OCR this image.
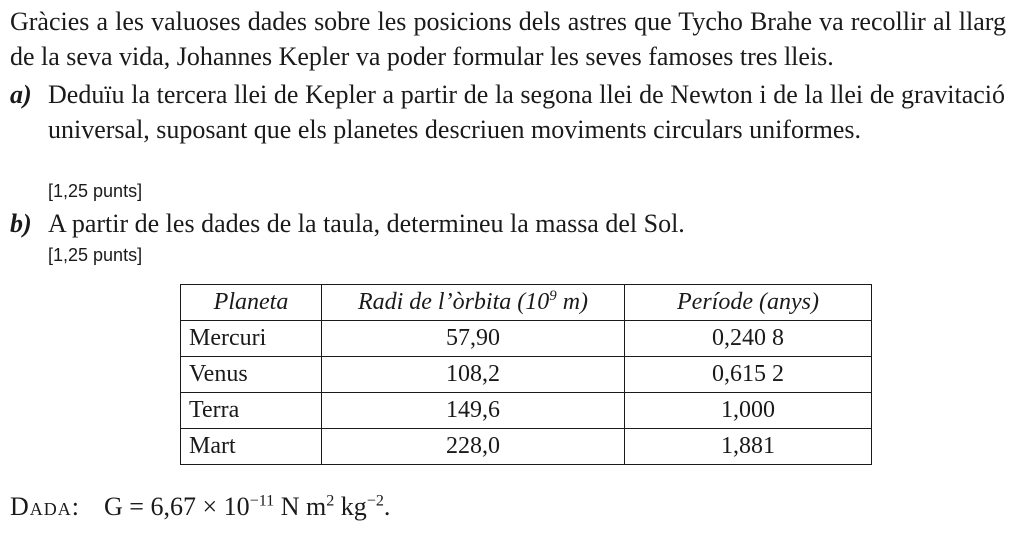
Gràcies a les valuoses dades sobre les posicions dels astres que Tycho Brahe va recollir al llarg de la seva vida, Johannes Kepler va poder formular les seves famoses tres lleis.

a) Deduïu la tercera llei de Kepler a partir de la segona llei de Newton i de la llei de gravitació universal, suposant que els planetes descriuen moviments circulars uniformes.

[1,25 punts]
b) A partir de les dades de la taula, determineu la massa del Sol.

[1,25 punts]
Planeta	Radi de l’òrbita ($10^9$ m)	Període (anys)
Mercuri	57,90	0,240 8
Venus	108,2	0,615 2
Terra	149,6	1,000
Mart	228,0	1,881
Dada: $G = 6,67 \times 10^{-11}$ N $m^2$ $kg^{-2}$.
